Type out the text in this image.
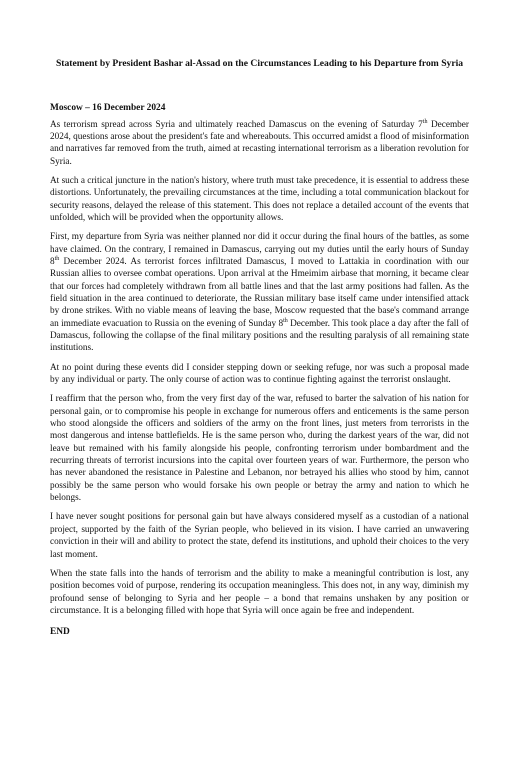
Statement by President Bashar al-Assad on the Circumstances Leading to his Departure from Syria
Moscow – 16 December 2024
As terrorism spread across Syria and ultimately reached Damascus on the evening of Saturday 7th December 2024, questions arose about the president's fate and whereabouts. This occurred amidst a flood of misinformation and narratives far removed from the truth, aimed at recasting international terrorism as a liberation revolution for Syria.
At such a critical juncture in the nation's history, where truth must take precedence, it is essential to address these distortions. Unfortunately, the prevailing circumstances at the time, including a total communication blackout for security reasons, delayed the release of this statement. This does not replace a detailed account of the events that unfolded, which will be provided when the opportunity allows.
First, my departure from Syria was neither planned nor did it occur during the final hours of the battles, as some have claimed. On the contrary, I remained in Damascus, carrying out my duties until the early hours of Sunday 8th December 2024. As terrorist forces infiltrated Damascus, I moved to Lattakia in coordination with our Russian allies to oversee combat operations. Upon arrival at the Hmeimim airbase that morning, it became clear that our forces had completely withdrawn from all battle lines and that the last army positions had fallen. As the field situation in the area continued to deteriorate, the Russian military base itself came under intensified attack by drone strikes. With no viable means of leaving the base, Moscow requested that the base's command arrange an immediate evacuation to Russia on the evening of Sunday 8th December. This took place a day after the fall of Damascus, following the collapse of the final military positions and the resulting paralysis of all remaining state institutions.
At no point during these events did I consider stepping down or seeking refuge, nor was such a proposal made by any individual or party. The only course of action was to continue fighting against the terrorist onslaught.
I reaffirm that the person who, from the very first day of the war, refused to barter the salvation of his nation for personal gain, or to compromise his people in exchange for numerous offers and enticements is the same person who stood alongside the officers and soldiers of the army on the front lines, just meters from terrorists in the most dangerous and intense battlefields. He is the same person who, during the darkest years of the war, did not leave but remained with his family alongside his people, confronting terrorism under bombardment and the recurring threats of terrorist incursions into the capital over fourteen years of war. Furthermore, the person who has never abandoned the resistance in Palestine and Lebanon, nor betrayed his allies who stood by him, cannot possibly be the same person who would forsake his own people or betray the army and nation to which he belongs.
I have never sought positions for personal gain but have always considered myself as a custodian of a national project, supported by the faith of the Syrian people, who believed in its vision. I have carried an unwavering conviction in their will and ability to protect the state, defend its institutions, and uphold their choices to the very last moment.
When the state falls into the hands of terrorism and the ability to make a meaningful contribution is lost, any position becomes void of purpose, rendering its occupation meaningless. This does not, in any way, diminish my profound sense of belonging to Syria and her people – a bond that remains unshaken by any position or circumstance. It is a belonging filled with hope that Syria will once again be free and independent.
END
